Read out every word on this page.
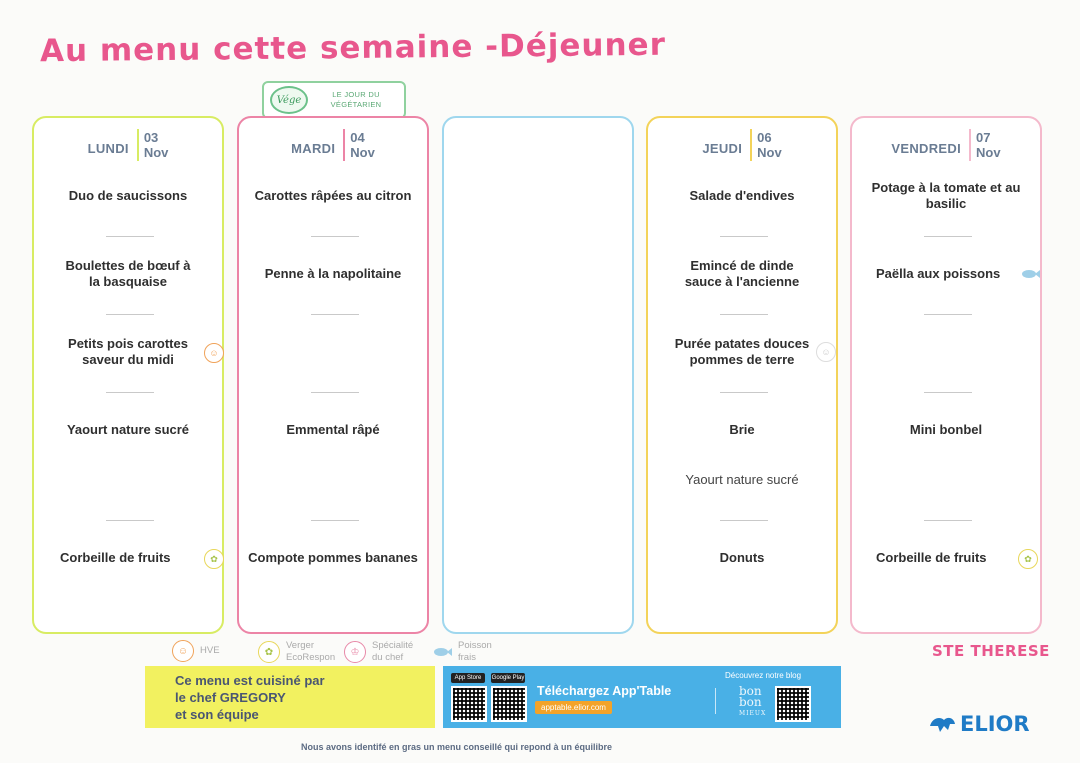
Au menu cette semaine -Déjeuner
Vége	LE JOUR DU
VÉGÉTARIEN
LUNDI
03
Nov
Duo de saucissons
Boulettes de bœuf à la basquaise
Petits pois carottes saveur du midi	☺
Yaourt nature sucré
Corbeille de fruits	✿
MARDI
04
Nov
Carottes râpées au citron
Penne à la napolitaine
Emmental râpé
Compote pommes bananes
JEUDI
06
Nov
Salade d'endives
Emincé de dinde sauce à l'ancienne
Purée patates douces pommes de terre	☺
Brie
Yaourt nature sucré
Donuts
VENDREDI
07
Nov
Potage à la tomate et au basilic
Paëlla aux poissons
Mini bonbel
Corbeille de fruits	✿
☺	HVE	✿
Verger EcoRespon	♔
Spécialité du chef
Poisson frais	STE THERESE
Ce menu est cuisiné par
le chef GREGORY
et son équipe
App Store	Google Play
Téléchargez App'Table
apptable.elior.com
Découvrez notre blog
bon
bon
MIEUX	ELIOR
Nous avons identifé en gras un menu conseillé qui repond à un équilibre
